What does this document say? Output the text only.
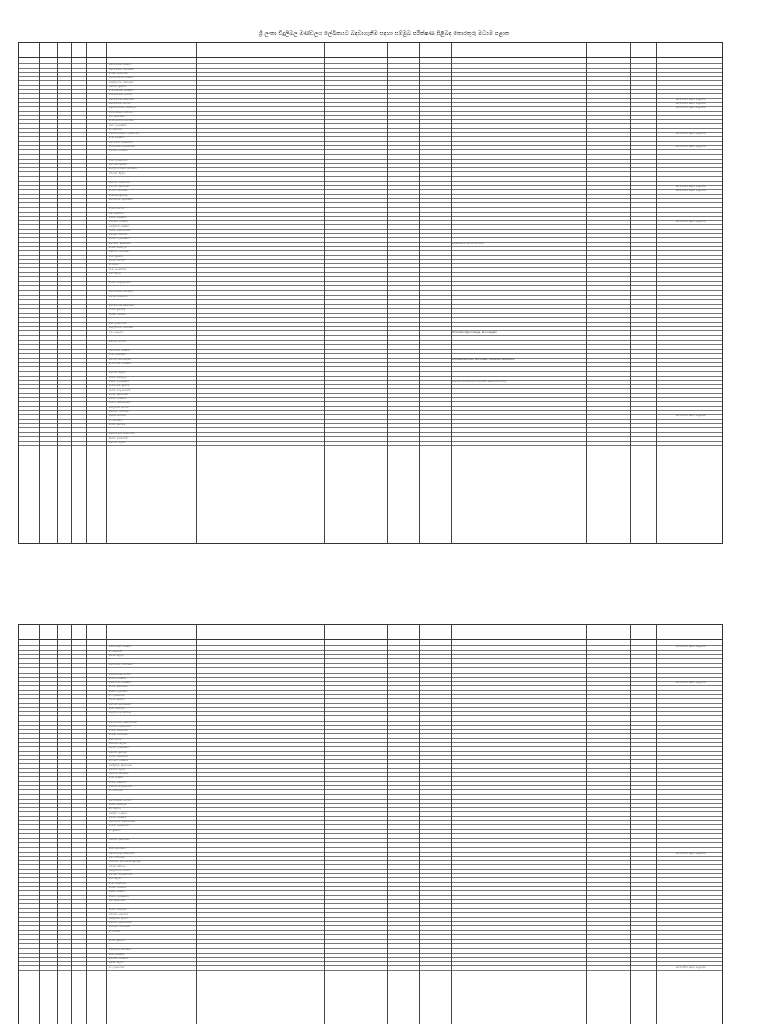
ශ්‍රී ලංකා විදුලිබල මණ්ඩලය ලේඛිකයට බඳවාගැනීම සඳහා සම්මුඛ පරීක්ෂණ පිළිබඳ තොරතුරු මධ්‍යම පළාත
ජේ.එම්.එස්. ජයසිංහ
එච්.එම්.ආර්. කුමාරසිංහ
ඩී.එස්. ජයවර්ධන
ආර්.එම්.ඩී.පී. බණ්ඩාර
ඩබ්ලිව්.එම්. රත්නායක
එස්.එම්. ප්‍රියන්ත
ඒ.ජී.එස්.එස්. විජේසිංහ
බී.එම්.ඩී.කේ. හේරත්
කේ.එම්.එස්. දිසානායක	සහභාගීවීම සඳහා කැඳවන්න
එච්.එම්.එම්. හේරත්	සහභාගීවීම සඳහා කැඳවන්න
ජේ.එම්.එන්.ඩී. ජයතිලක	සහභාගීවීම සඳහා කැඳවන්න
පී.එම්.සී.කේ. පතිරණ
එම්. කුමාරසිංහ
ඩී.එම්.ආර්.ඩී. සමරසිංහ
ආර්. ගුණසේකර
ඩී. පෙරේරා
එස්.එම්.ඩබ්ලිව්. ගුණවර්ධන	සහභාගීවීම සඳහා කැඳවන්න
ඒ.ජී. විජේසිංහ
කේ.එම්.ඒ. විජේරත්න
ජී.එම්.එස්. කරුණාරත්න	සහභාගීවීම සඳහා කැඳවන්න
එච්.එම්. බණ්ඩාර
බී.ඩී. ගුණවර්ධන
කේ. සමරකෝන්
ඩබ්ලිව්.එම්.ආර්. සමරසිංහ
එම්.එම්. සිල්වා
ආර්.එම්. ජයවර්ධන
එච්.එම්. දිසානායක	සහභාගීවීම සඳහා කැඳවන්න
ඩී.එම්. රත්නායක	සහභාගීවීම සඳහා කැඳවන්න
පී.ජී.එස්. ප්‍රනාන්දු
කේ.එම්.ඩී. කුමාරසිංහ
ඒ.එම්. හේරත්
ජේ. පෙරේරා
එස්.ඩී. විජේසිංහ
එම්.ආර්. බණ්ඩාර	සහභාගීවීම සඳහා කැඳවන්න
ඩබ්ලිව්.ඒ. ජයසිංහ
බී.එම්. සේනානායක
එච්.කේ. පතිරණ
ආර්.ඩී. ගුණසේකර
කේ.ජී.ඩී. දිසානායක	අපේක්ෂකයා පැමිණ නොමැත
ඩී.එම්. ජයතිලක
එස්.එම්. රත්නායක
ජී.ඒ. ප්‍රියන්ත
එම්.ඩී. හේරත්
පී. කුමාර
ඒ.බී. විජේරත්න
එන්. සිල්වා
ඩී.එම්. කරුණාරත්න
එච්.එම්.ආර්. සමරසිංහ
කේ.ඩී. ජයවර්ධන
ආර්.එම්.එස්. දිසානායක
ඒ.එම්. ප්‍රනාන්දු
බී.එස්. බණ්ඩාර
එස්. ගුණවර්ධන
ඩබ්ලිව්.එම්. රත්නායක
එම්. පෙරේරා	St.Cambridge College, Kurunegala
ජේ.එම්. හේරත්
කේ.එම්.ඩී. ජයසිංහ
ඒ.ඩී. කුමාරසිංහ
එච්.එම්. සමරකෝන්	WICKRAMASHILA NATIONAL COLLEGE GAMPOLA
ඩී.එම්.එස්. විජේසිංහ
ආර්.එම්. සිල්වා
පී.එම්. ජයතිලක
එස්.ඩී. ගුණසේකර	ජාත්‍යන්තර සම්බන්ධතා අධ්‍යයන දෙපාර්තමේන්තුව
ඒ.එම්.කේ. ප්‍රියන්ත
බී.එම්. කරුණාරත්න
එම්.ඩී. දිසානායක
කේ.ඒ. බණ්ඩාර
ජී.එම්. සේනානායක
ඩබ්ලිව්.ඩී. හේරත්
එච්.එම්. රත්නායක
ආර්.ඩී. පතිරණ	සහභාගීවීම සඳහා කැඳවන්න
ඒ. සමරසිංහ
ඩී.එම්. ප්‍රනාන්දු
එස්.එම්.කේ. ජයවර්ධන
පී.එම්. විජේරත්න
කේ.එම්. කුමාර
ජේ.එම්.ආර්. ජයසිංහ	සහභාගීවීම සඳහා කැඳවන්න
ඒ. පෙරේරා
එච්.ඩී. සිල්වා
කේ.එම්.ඩී. රත්නායක
ආර්.එම්.එස්. හේරත්
ඩී.එම්. බණ්ඩාර
එස්.එම්.ඩී. විජේසිංහ	සහභාගීවීම සඳහා කැඳවන්න
පී.එම්. දිසානායක
බී.ආර්. කුමාරසිංහ
ඒ. ගුණවර්ධන
එම්.ඩී. ප්‍රියන්ත
කේ.එම්. සමරකෝන්
ජී.ඩී. ජයතිලක
ඩබ්ලිව්.එම්. පතිරණ
එච්.එම්.කේ. සේනානායක
ආර්.ඩී. කරුණාරත්න
ඒ.එම්. ජයවර්ධන
ඩී.එස්. රත්නායක
එස්. හේරත්
පී.එම්.ඩී. සිල්වා
කේ.ඩී. ගුණසේකර
ජේ.එම්. ප්‍රනාන්දු
බී.එම්. විජේරත්න
එම්.කේ. බණ්ඩාර
ඩබ්ලිව්.ඩී. දිසානායක
එච්.එම්. කුමාර
ආර්.එම්. සමරසිංහ
ඒ.ඩී. ජයසිංහ
ඩී.එම්. පෙරේරා
එස්.එම්. කරුණාරත්න
පී. රත්නායක
කේ.එම්.ආර්. හේරත්
ජී.එම්. ජයතිලක
එම්. සිල්වා
ඩබ්ලිව්. බණ්ඩාර
එච්.ඩී. විජේසිංහ
ආර්.එම්.ඩී. සේනානායක
ඒ.එම්. ගුණවර්ධන
ඩී. ප්‍රියන්ත
එස්.එම්. දිසානායක
පී.ඩී. කුමාරසිංහ
කේ.එම්.එස්. ජයවර්ධන	සහභාගීවීම සඳහා කැඳවන්න
ජේ. රත්නායක
බී.එම්.ඩී. සමරකෝන් ප්‍රනාන්දු
එම්.ඩී. පතිරණ
ඩබ්ලිව්.එම්. හේරත්
එච්.කේ. කරුණාරත්න
ආර්. සිල්වා
ඒ.ඩී. විජේරත්න
ඩී.එම්. බණ්ඩාර
එස්.ඩී. ජයසිංහ
පී.එම්. ගුණසේකර
කේ. දිසානායක
ජී.එම්. ජයතිලක
එම්.එම්. පෙරේරා
ඩබ්ලිව්.ඩී. කුමාර
එච්.එම්. සේනානායක
ආර්.කේ. රත්නායක
ඒ. හේරත්
ඩී.එම්. ප්‍රියන්ත
එස්.එම්.ඩී. සමරසිංහ
පී.ඩී. විජේසිංහ
කේ.එම්. බණ්ඩාර
ජේ.ඩී. සිල්වා
බී. ගුණවර්ධන	සහභාගීවීම සඳහා කැඳවන්න
